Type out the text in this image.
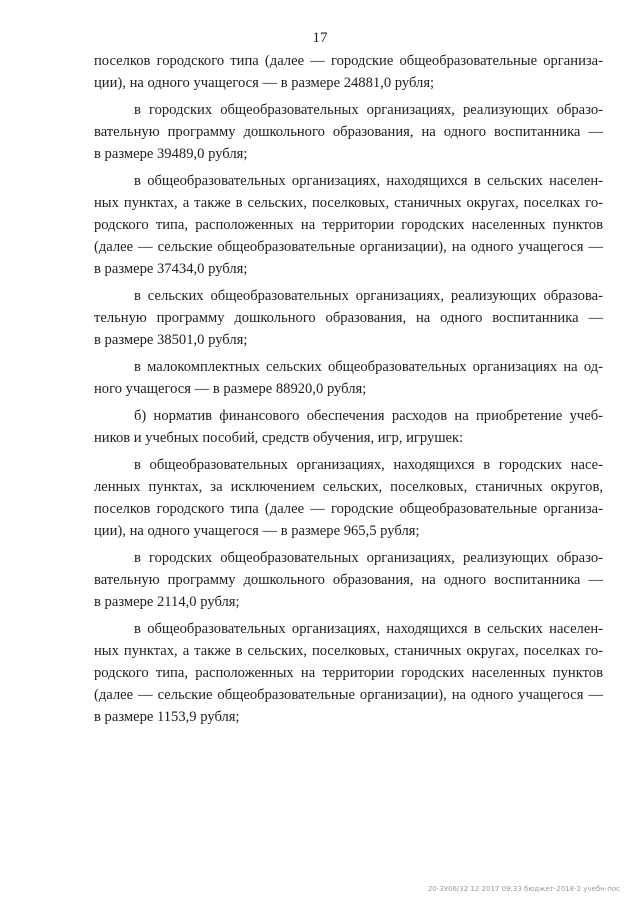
17
поселков городского типа (далее — городские общеобразовательные организа-
ции), на одного учащегося — в размере 24881,0 рубля;
в городских общеобразовательных организациях, реализующих образо-
вательную программу дошкольного образования, на одного воспитанника —
в размере 39489,0 рубля;
в общеобразовательных организациях, находящихся в сельских населен-
ных пунктах, а также в сельских, поселковых, станичных округах, поселках го-
родского типа, расположенных на территории городских населенных пунктов
(далее — сельские общеобразовательные организации), на одного учащегося —
в размере 37434,0 рубля;
в сельских общеобразовательных организациях, реализующих образова-
тельную программу дошкольного образования, на одного воспитанника —
в размере 38501,0 рубля;
в малокомплектных сельских общеобразовательных организациях на од-
ного учащегося — в размере 88920,0 рубля;
б) норматив финансового обеспечения расходов на приобретение учеб-
ников и учебных пособий, средств обучения, игр, игрушек:
в общеобразовательных организациях, находящихся в городских насе-
ленных пунктах, за исключением сельских, поселковых, станичных округов,
поселков городского типа (далее — городские общеобразовательные организа-
ции), на одного учащегося — в размере 965,5 рубля;
в городских общеобразовательных организациях, реализующих образо-
вательную программу дошкольного образования, на одного воспитанника —
в размере 2114,0 рубля;
в общеобразовательных организациях, находящихся в сельских населен-
ных пунктах, а также в сельских, поселковых, станичных округах, поселках го-
родского типа, расположенных на территории городских населенных пунктов
(далее — сельские общеобразовательные организации), на одного учащегося —
в размере 1153,9 рубля;
20-ЗУ06/32 12 2017 09:33 бюджет-2018-2 учебн-пос
